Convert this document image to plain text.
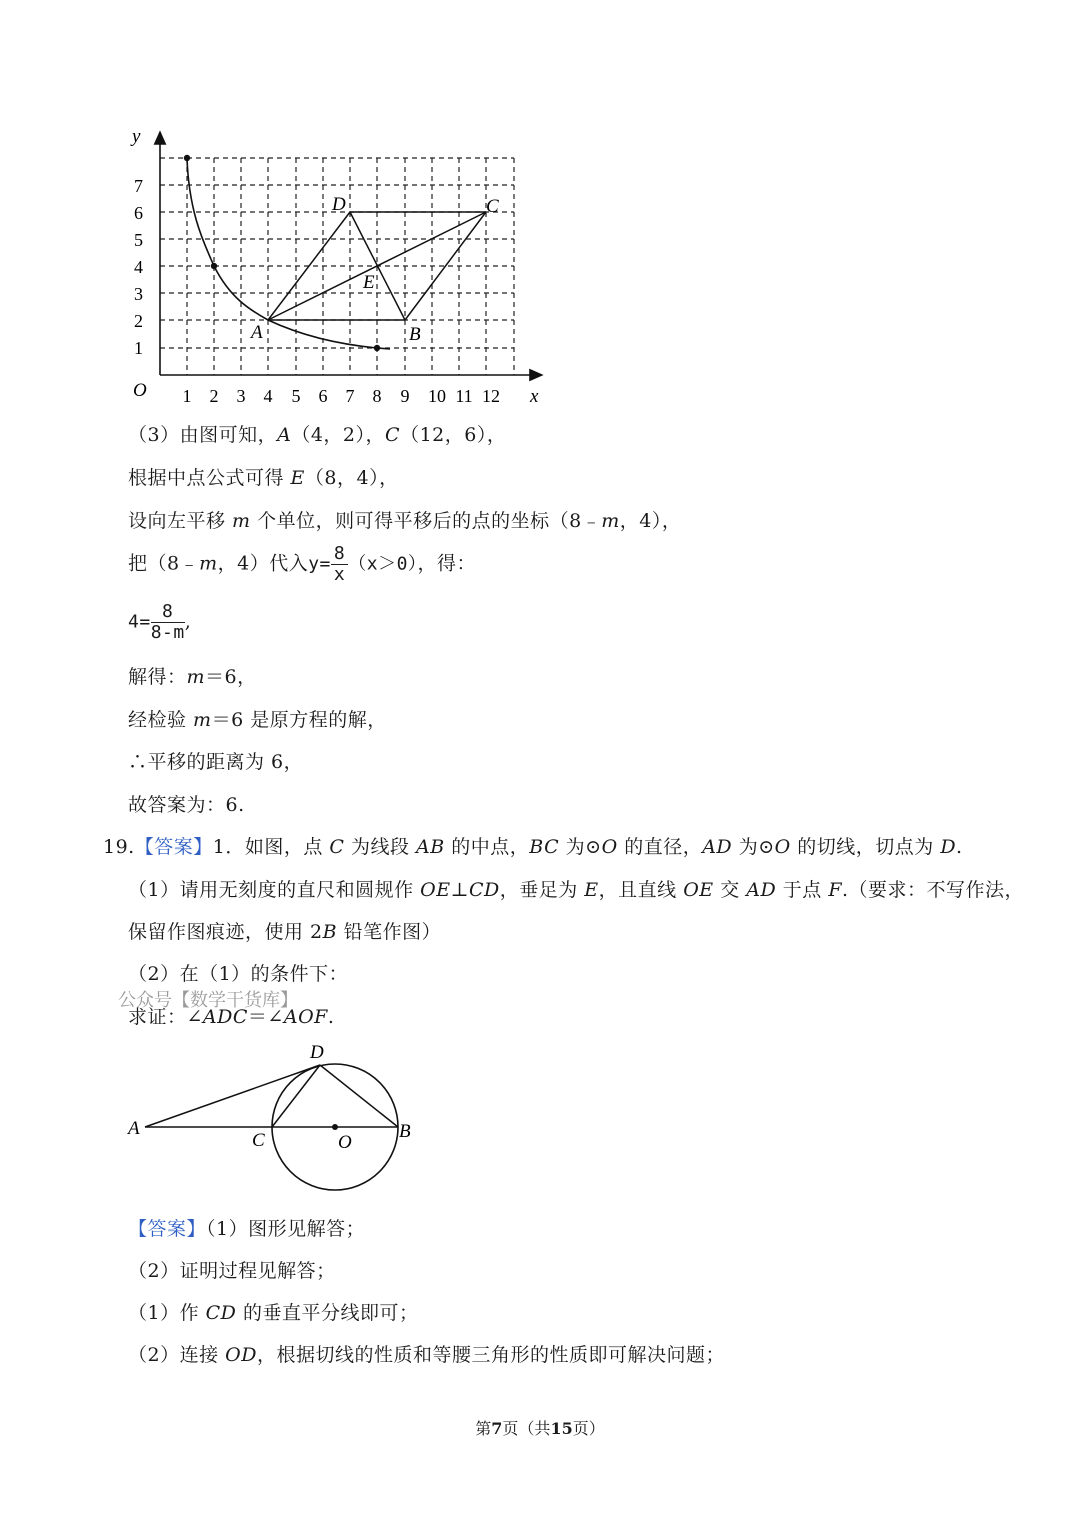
y
x
O
1
2
3
4
5
6
7
1 2 3 4 5 6 7 8 9 10 11 12
A	B
C
D
E
（3）由图可知，A（4，2），C（12，6），
根据中点公式可得 E（8，4），
设向左平移 m 个单位，则可得平移后的点的坐标（8﹣m，4），
把（8﹣m，4）代入$y= \frac{8}{x} (x>0)$，得：
$4= \frac{8}{8-m}$ ,
解得：m＝6，
经检验 m＝6 是原方程的解，
∴平移的距离为 6，
故答案为：6.
19.【答案】1．如图，点 C 为线段 AB 的中点，BC 为⊙O 的直径，AD 为⊙O 的切线，切点为 D.
（1）请用无刻度的直尺和圆规作 OE⊥CD，垂足为 E，且直线 OE 交 AD 于点 F.（要求：不写作法，
保留作图痕迹，使用 2B 铅笔作图）
（2）在（1）的条件下：
求证：∠ADC＝∠AOF.
公众号【数学干货库】
A
C	O
B
D
【答案】（1）图形见解答；
（2）证明过程见解答；
（1）作 CD 的垂直平分线即可；
（2）连接 OD，根据切线的性质和等腰三角形的性质即可解决问题；
第7页（共15页）
